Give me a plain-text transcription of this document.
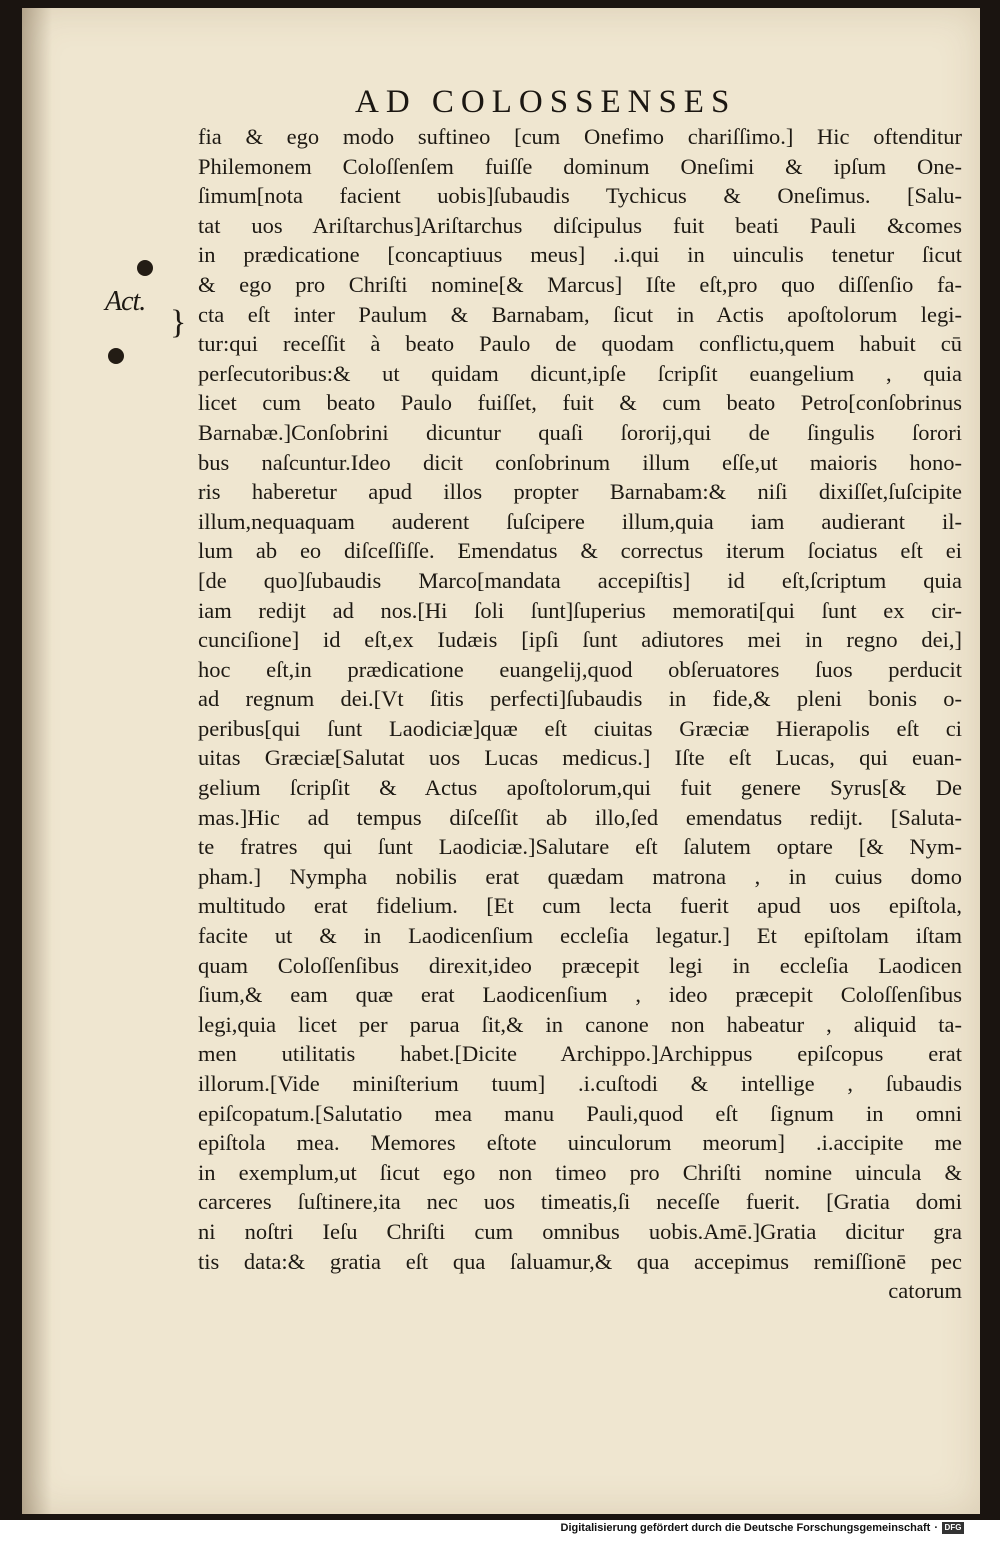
AD COLOSSENSES
Act.
}
fia & ego modo suftineo [cum Onefimo chariſſimo.] Hic oftenditur
Philemonem Coloſſenſem fuiſſe dominum Oneſimi & ipſum One-
ſimum[nota facient uobis]ſubaudis Tychicus & Oneſimus. [Salu-
tat uos Ariſtarchus]Ariſtarchus diſcipulus fuit beati Pauli &comes
in prædicatione [concaptiuus meus] .i.qui in uinculis tenetur ſicut
& ego pro Chriſti nomine[& Marcus] Iſte eſt,pro quo diſſenſio fa-
cta eſt inter Paulum & Barnabam, ſicut in Actis apoſtolorum legi-
tur:qui receſſit à beato Paulo de quodam conflictu,quem habuit cū
perſecutoribus:& ut quidam dicunt,ipſe ſcripſit euangelium , quia
licet cum beato Paulo fuiſſet, fuit & cum beato Petro[conſobrinus
Barnabæ.]Conſobrini dicuntur quaſi ſororij,qui de ſingulis ſorori
bus naſcuntur.Ideo dicit conſobrinum illum eſſe,ut maioris hono-
ris haberetur apud illos propter Barnabam:& niſi dixiſſet,ſuſcipite
illum,nequaquam auderent ſuſcipere illum,quia iam audierant il-
lum ab eo diſceſſiſſe. Emendatus & correctus iterum ſociatus eſt ei
[de quo]ſubaudis Marco[mandata accepiſtis] id eſt,ſcriptum quia
iam redijt ad nos.[Hi ſoli ſunt]ſuperius memorati[qui ſunt ex cir-
cunciſione] id eſt,ex Iudæis [ipſi ſunt adiutores mei in regno dei,]
hoc eſt,in prædicatione euangelij,quod obſeruatores ſuos perducit
ad regnum dei.[Vt ſitis perfecti]ſubaudis in fide,& pleni bonis o-
peribus[qui ſunt Laodiciæ]quæ eſt ciuitas Græciæ Hierapolis eſt ci
uitas Græciæ[Salutat uos Lucas medicus.] Iſte eſt Lucas, qui euan-
gelium ſcripſit & Actus apoſtolorum,qui fuit genere Syrus[& De
mas.]Hic ad tempus diſceſſit ab illo,ſed emendatus redijt. [Saluta-
te fratres qui ſunt Laodiciæ.]Salutare eſt ſalutem optare [& Nym-
pham.] Nympha nobilis erat quædam matrona , in cuius domo
multitudo erat fidelium. [Et cum lecta fuerit apud uos epiſtola,
facite ut & in Laodicenſium eccleſia legatur.] Et epiſtolam iſtam
quam Coloſſenſibus direxit,ideo præcepit legi in eccleſia Laodicen
ſium,& eam quæ erat Laodicenſium , ideo præcepit Coloſſenſibus
legi,quia licet per parua ſit,& in canone non habeatur , aliquid ta-
men utilitatis habet.[Dicite Archippo.]Archippus epiſcopus erat
illorum.[Vide miniſterium tuum] .i.cuſtodi & intellige , ſubaudis
epiſcopatum.[Salutatio mea manu Pauli,quod eſt ſignum in omni
epiſtola mea. Memores eſtote uinculorum meorum] .i.accipite me
in exemplum,ut ſicut ego non timeo pro Chriſti nomine uincula &
carceres ſuſtinere,ita nec uos timeatis,ſi neceſſe fuerit. [Gratia domi
ni noſtri Ieſu Chriſti cum omnibus uobis.Amē.]Gratia dicitur gra
tis data:& gratia eſt qua ſaluamur,& qua accepimus remiſſionē pec
catorum
Digitalisierung gefördert durch die Deutsche Forschungsgemeinschaft · DFG
